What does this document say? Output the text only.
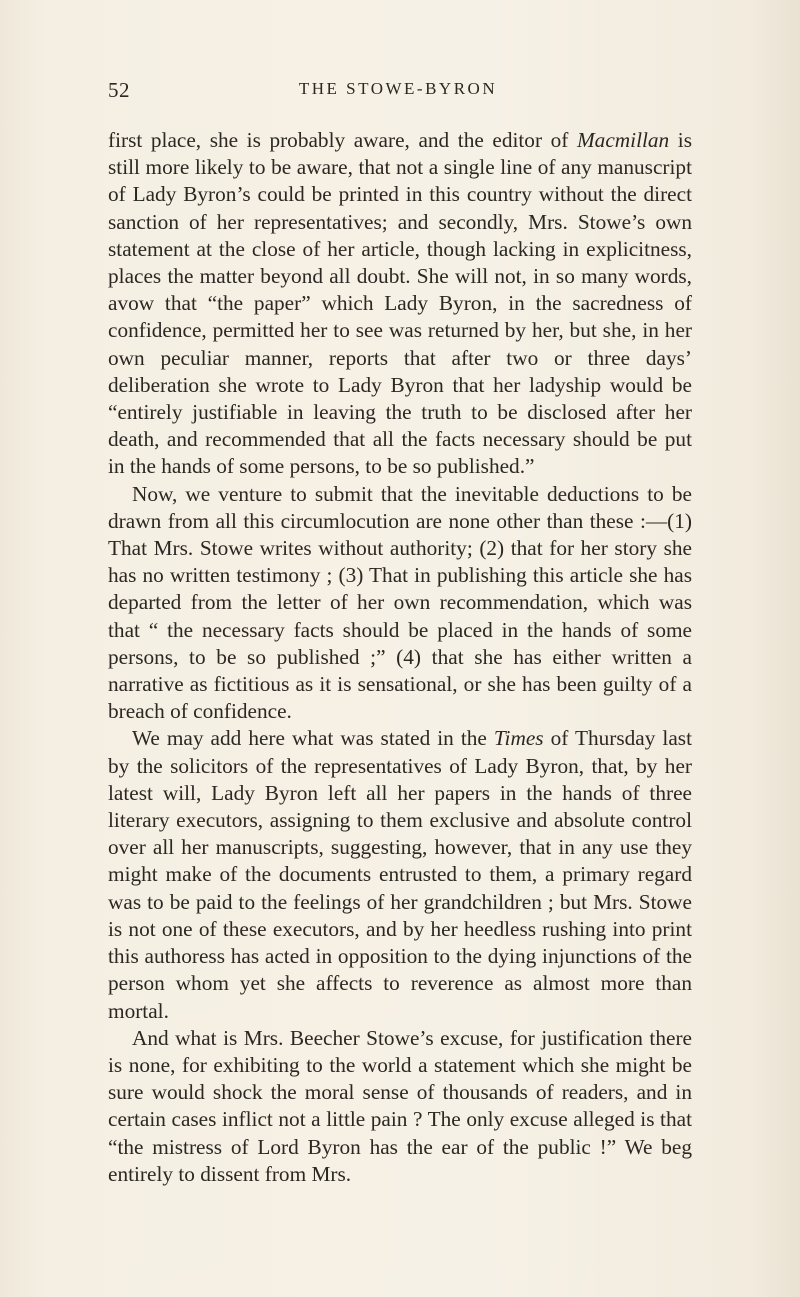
52	THE STOWE-BYRON

first place, she is probably aware, and the editor of Macmillan is still more likely to be aware, that not a single line of any manuscript of Lady Byron’s could be printed in this country without the direct sanction of her representatives; and secondly, Mrs. Stowe’s own statement at the close of her article, though lacking in explicitness, places the matter beyond all doubt. She will not, in so many words, avow that “the paper” which Lady Byron, in the sacredness of confidence, permitted her to see was returned by her, but she, in her own peculiar manner, reports that after two or three days’ deliberation she wrote to Lady Byron that her ladyship would be “entirely justifiable in leaving the truth to be disclosed after her death, and recommended that all the facts necessary should be put in the hands of some persons, to be so published.”

Now, we venture to submit that the inevitable deductions to be drawn from all this circumlocution are none other than these :—(1) That Mrs. Stowe writes without authority; (2) that for her story she has no written testimony ; (3) That in publishing this article she has departed from the letter of her own recommendation, which was that “ the necessary facts should be placed in the hands of some persons, to be so published ;” (4) that she has either written a narrative as fictitious as it is sensational, or she has been guilty of a breach of confidence.

We may add here what was stated in the Times of Thursday last by the solicitors of the representatives of Lady Byron, that, by her latest will, Lady Byron left all her papers in the hands of three literary executors, assigning to them exclusive and absolute control over all her manuscripts, suggesting, however, that in any use they might make of the documents entrusted to them, a primary regard was to be paid to the feelings of her grandchildren ; but Mrs. Stowe is not one of these executors, and by her heedless rushing into print this authoress has acted in opposition to the dying injunctions of the person whom yet she affects to reverence as almost more than mortal.

And what is Mrs. Beecher Stowe’s excuse, for justification there is none, for exhibiting to the world a statement which she might be sure would shock the moral sense of thousands of readers, and in certain cases inflict not a little pain ? The only excuse alleged is that “the mistress of Lord Byron has the ear of the public !” We beg entirely to dissent from Mrs.
